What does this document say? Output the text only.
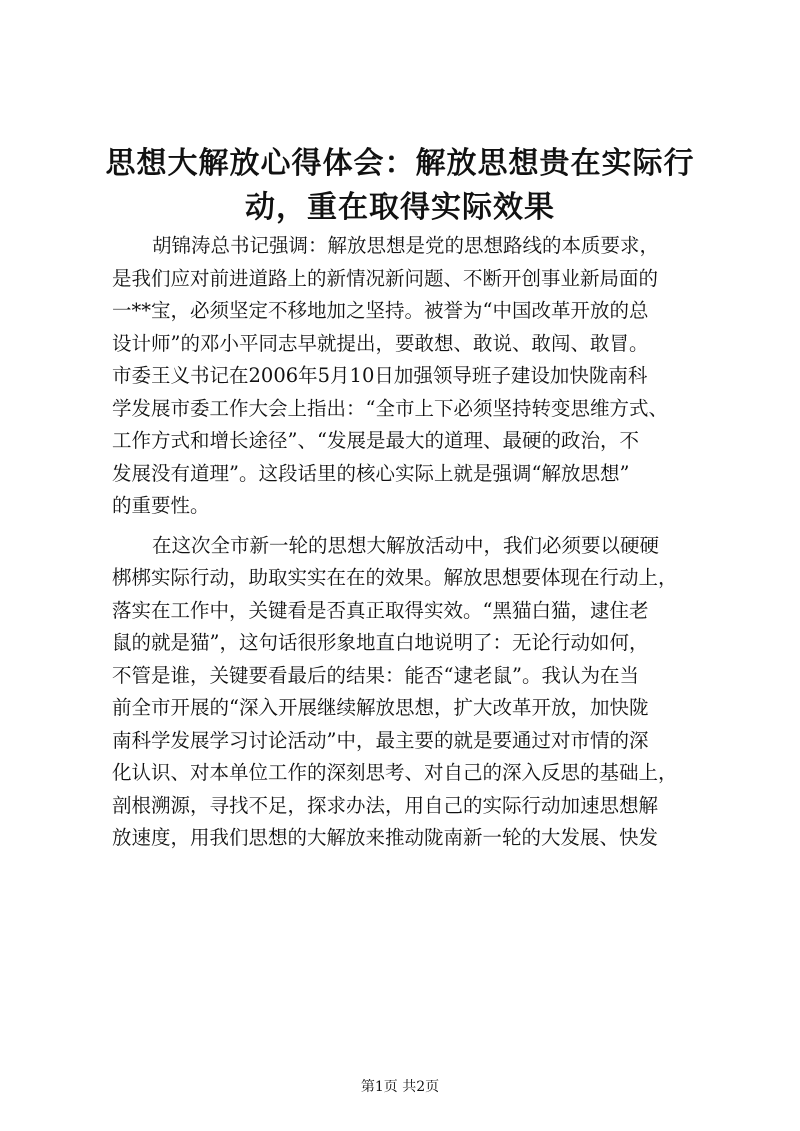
思想大解放心得体会：解放思想贵在实际行
动，重在取得实际效果

胡锦涛总书记强调：解放思想是党的思想路线的本质要求，
是我们应对前进道路上的新情况新问题、不断开创事业新局面的
一**宝，必须坚定不移地加之坚持。被誉为“中国改革开放的总
设计师”的邓小平同志早就提出，要敢想、敢说、敢闯、敢冒。
市委王义书记在2006年5月10日加强领导班子建设加快陇南科
学发展市委工作大会上指出：“全市上下必须坚持转变思维方式、
工作方式和增长途径”、“发展是最大的道理、最硬的政治，不
发展没有道理”。这段话里的核心实际上就是强调“解放思想”
的重要性。

在这次全市新一轮的思想大解放活动中，我们必须要以硬硬
梆梆实际行动，助取实实在在的效果。解放思想要体现在行动上，
落实在工作中，关键看是否真正取得实效。“黑猫白猫，逮住老
鼠的就是猫”，这句话很形象地直白地说明了：无论行动如何，
不管是谁，关键要看最后的结果：能否“逮老鼠”。我认为在当
前全市开展的“深入开展继续解放思想，扩大改革开放，加快陇
南科学发展学习讨论活动”中，最主要的就是要通过对市情的深
化认识、对本单位工作的深刻思考、对自己的深入反思的基础上，
剖根溯源，寻找不足，探求办法，用自己的实际行动加速思想解
放速度，用我们思想的大解放来推动陇南新一轮的大发展、快发

第1页 共2页
